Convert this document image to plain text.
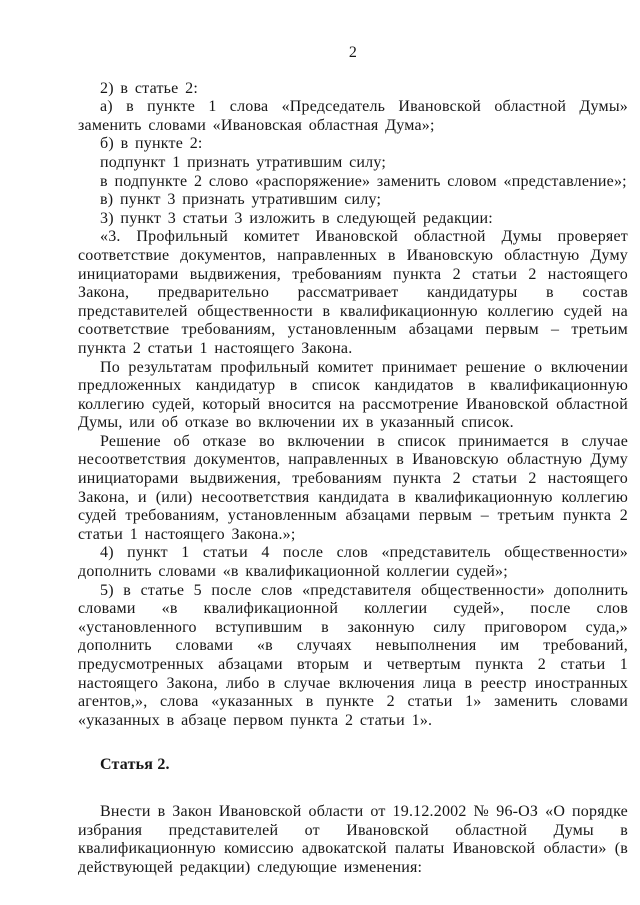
2

2) в статье 2:

а) в пункте 1 слова «Председатель Ивановской областной Думы» заменить словами «Ивановская областная Дума»;

б) в пункте 2:

подпункт 1 признать утратившим силу;

в подпункте 2 слово «распоряжение» заменить словом «представление»;

в) пункт 3 признать утратившим силу;

3) пункт 3 статьи 3 изложить в следующей редакции:

«3. Профильный комитет Ивановской областной Думы проверяет соответствие документов, направленных в Ивановскую областную Думу инициаторами выдвижения, требованиям пункта 2 статьи 2 настоящего Закона, предварительно рассматривает кандидатуры в состав представителей общественности в квалификационную коллегию судей на соответствие требованиям, установленным абзацами первым – третьим пункта 2 статьи 1 настоящего Закона.

По результатам профильный комитет принимает решение о включении предложенных кандидатур в список кандидатов в квалификационную коллегию судей, который вносится на рассмотрение Ивановской областной Думы, или об отказе во включении их в указанный список.

Решение об отказе во включении в список принимается в случае несоответствия документов, направленных в Ивановскую областную Думу инициаторами выдвижения, требованиям пункта 2 статьи 2 настоящего Закона, и (или) несоответствия кандидата в квалификационную коллегию судей требованиям, установленным абзацами первым – третьим пункта 2 статьи 1 настоящего Закона.»;

4) пункт 1 статьи 4 после слов «представитель общественности» дополнить словами «в квалификационной коллегии судей»;

5) в статье 5 после слов «представителя общественности» дополнить словами «в квалификационной коллегии судей», после слов «установленного вступившим в законную силу приговором суда,» дополнить словами «в случаях невыполнения им требований, предусмотренных абзацами вторым и четвертым пункта 2 статьи 1 настоящего Закона, либо в случае включения лица в реестр иностранных агентов,», слова «указанных в пункте 2 статьи 1» заменить словами «указанных в абзаце первом пункта 2 статьи 1».

Статья 2.

Внести в Закон Ивановской области от 19.12.2002 № 96-ОЗ «О порядке избрания представителей от Ивановской областной Думы в квалификационную комиссию адвокатской палаты Ивановской области» (в действующей редакции) следующие изменения:
